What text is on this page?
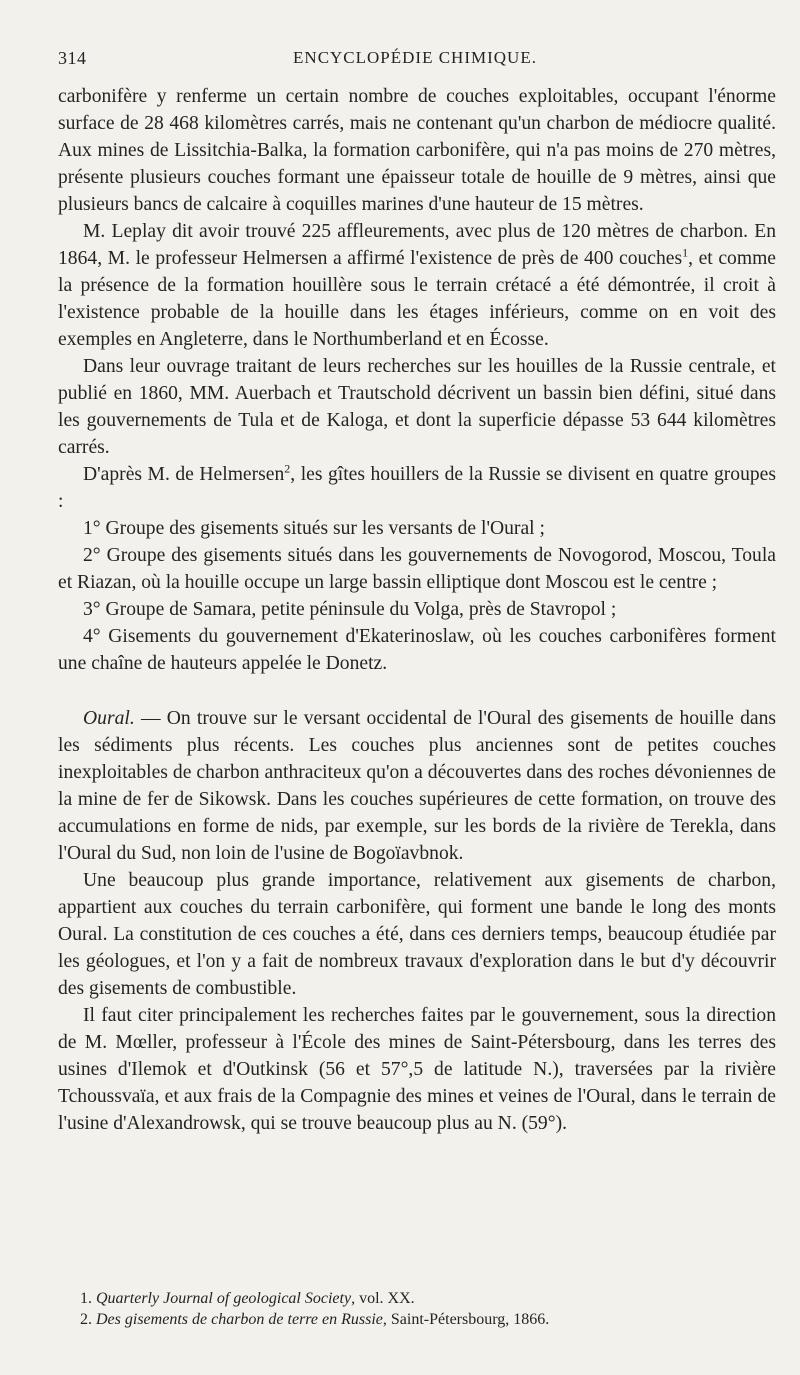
314	ENCYCLOPÉDIE CHIMIQUE.

carbonifère y renferme un certain nombre de couches exploitables, occupant l'énorme surface de 28 468 kilomètres carrés, mais ne contenant qu'un charbon de médiocre qualité. Aux mines de Lissitchia-Balka, la formation carbonifère, qui n'a pas moins de 270 mètres, présente plusieurs couches formant une épaisseur totale de houille de 9 mètres, ainsi que plusieurs bancs de calcaire à coquilles marines d'une hauteur de 15 mètres.

M. Leplay dit avoir trouvé 225 affleurements, avec plus de 120 mètres de charbon. En 1864, M. le professeur Helmersen a affirmé l'existence de près de 400 couches$^1$, et comme la présence de la formation houillère sous le terrain crétacé a été démontrée, il croit à l'existence probable de la houille dans les étages inférieurs, comme on en voit des exemples en Angleterre, dans le Northumberland et en Écosse.

Dans leur ouvrage traitant de leurs recherches sur les houilles de la Russie centrale, et publié en 1860, MM. Auerbach et Trautschold décrivent un bassin bien défini, situé dans les gouvernements de Tula et de Kaloga, et dont la superficie dépasse 53 644 kilomètres carrés.

D'après M. de Helmersen$^2$, les gîtes houillers de la Russie se divisent en quatre groupes :

1° Groupe des gisements situés sur les versants de l'Oural ;

2° Groupe des gisements situés dans les gouvernements de Novogorod, Moscou, Toula et Riazan, où la houille occupe un large bassin elliptique dont Moscou est le centre ;

3° Groupe de Samara, petite péninsule du Volga, près de Stavropol ;

4° Gisements du gouvernement d'Ekaterinoslaw, où les couches carbonifères forment une chaîne de hauteurs appelée le Donetz.

Oural. — On trouve sur le versant occidental de l'Oural des gisements de houille dans les sédiments plus récents. Les couches plus anciennes sont de petites couches inexploitables de charbon anthraciteux qu'on a découvertes dans des roches dévoniennes de la mine de fer de Sikowsk. Dans les couches supérieures de cette formation, on trouve des accumulations en forme de nids, par exemple, sur les bords de la rivière de Terekla, dans l'Oural du Sud, non loin de l'usine de Bogoïavbnok.

Une beaucoup plus grande importance, relativement aux gisements de charbon, appartient aux couches du terrain carbonifère, qui forment une bande le long des monts Oural. La constitution de ces couches a été, dans ces derniers temps, beaucoup étudiée par les géologues, et l'on y a fait de nombreux travaux d'exploration dans le but d'y découvrir des gisements de combustible.

Il faut citer principalement les recherches faites par le gouvernement, sous la direction de M. Mœller, professeur à l'École des mines de Saint-Pétersbourg, dans les terres des usines d'Ilemok et d'Outkinsk (56 et 57°,5 de latitude N.), traversées par la rivière Tchoussvaïa, et aux frais de la Compagnie des mines et veines de l'Oural, dans le terrain de l'usine d'Alexandrowsk, qui se trouve beaucoup plus au N. (59°).

1. Quarterly Journal of geological Society, vol. XX.

2. Des gisements de charbon de terre en Russie, Saint-Pétersbourg, 1866.
